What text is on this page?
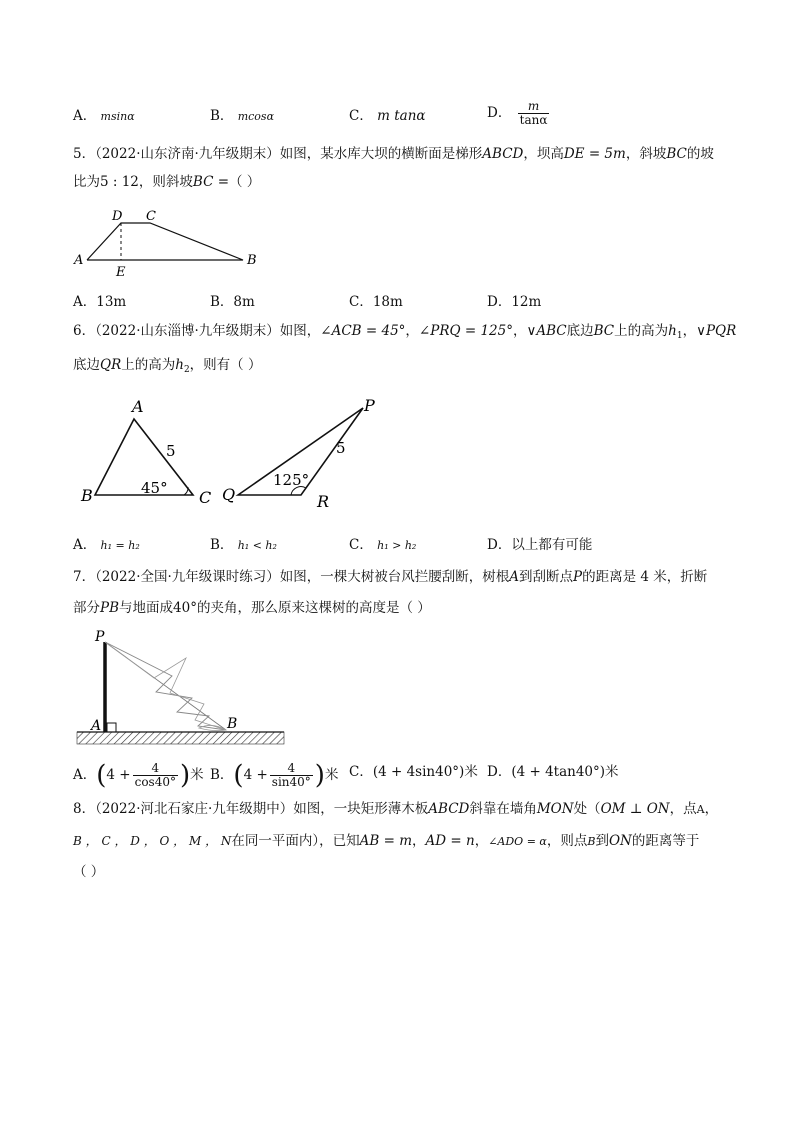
A． msinα	B． mcosα	C． m tanα	D． $\frac{m}{\tan\alpha}$
5．（2022·山东济南·九年级期末）如图，某水库大坝的横断面是梯形ABCD，坝高DE = 5m，斜坡BC的坡
比为5 : 12，则斜坡BC =（ ）
A
D C
B
E
A．13m	B．8m	C．18m	D．12m
6．（2022·山东淄博·九年级期末）如图，∠ACB = 45°，∠PRQ = 125°，∨ABC底边BC上的高为$h_1$，∨PQR
底边QR上的高为$h_2$，则有（ ）
A
B	C
5
45°
P
Q	R
5
125°
A． h₁ = h₂	B． h₁ < h₂	C． h₁ > h₂	D．以上都有可能
7．（2022·全国·九年级课时练习）如图，一棵大树被台风拦腰刮断，树根A到刮断点P的距离是 4 米，折断
部分PB与地面成40°的夹角，那么原来这棵树的高度是（ ）
P
A	B
A．($4 + \frac{4}{\cos 40^\circ}$ )米 B．($4 + \frac{4}{\sin 40^\circ}$ )米 C．(4 + 4sin40°)米 D．(4 + 4tan40°)米
8．（2022·河北石家庄·九年级期中）如图，一块矩形薄木板ABCD斜靠在墙角MON处（OM ⊥ ON，点A，
B ， C ， D ， O ， M ， N在同一平面内），已知AB = m，AD = n，∠ADO = α，则点B到ON的距离等于
（ ）
